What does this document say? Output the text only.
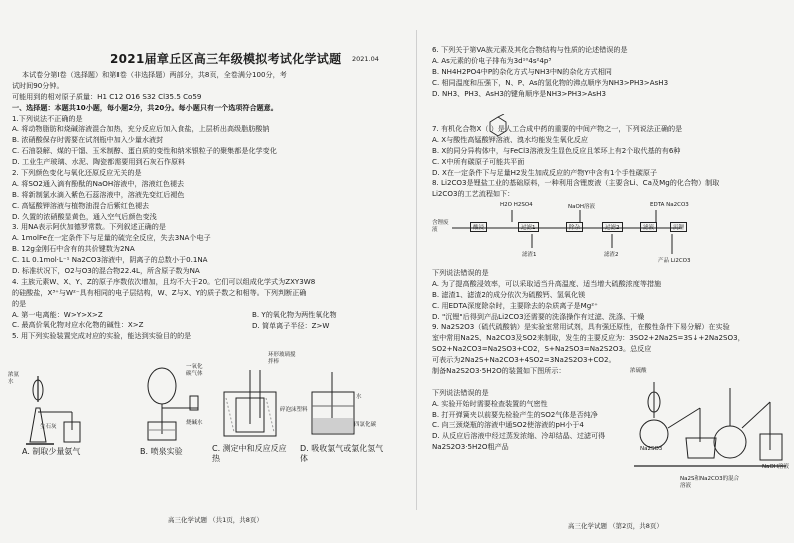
2021届章丘区高三年级模拟考试化学试题 2021.04
本试卷分第Ⅰ卷（选择题）和第Ⅱ卷（非选择题）两部分，共8页，全卷满分100分，考
试时间90分钟。
可能用到的相对原子质量：H1 C12 O16 S32 Cl35.5 Co59
一、选择题：本题共10小题，每小题2分，共20分。每小题只有一个选项符合题意。
1.下列说法不正确的是
A. 将动物脂肪和烧碱溶液混合加热，充分反应后加入食盐，上层析出高级脂肪酸钠
B. 浓硝酸保存时需要在试剂瓶中加入少量水液封
C. 石油裂解、煤的干馏、玉米制醇、蛋白质的变性和纳米银粒子的聚集都是化学变化
D. 工业生产玻璃、水泥、陶瓷都需要用到石灰石作原料
2. 下列颜色变化与氧化还原反应无关的是
A. 将SO2通入滴有酚酞的NaOH溶液中，溶液红色褪去
B. 将新制氯水滴入紫色石蕊溶液中，溶液先变红后褪色
C. 高锰酸钾溶液与植物油混合后紫红色褪去
D. 久置的浓硝酸显黄色，通入空气后颜色变浅
3. 用NA表示阿伏加德罗常数。下列叙述正确的是
A. 1molFe在一定条件下与足量的硫完全反应，失去3NA个电子
B. 12g金刚石中含有的共价键数为2NA
C. 1L 0.1mol·L⁻¹ Na2CO3溶液中，阴离子的总数小于0.1NA
D. 标准状况下，O2与O3的混合物22.4L，所含原子数为NA
4. 主族元素W、X、Y、Z的原子序数依次增加，且均不大于20。它们可以组成化学式为ZXY3W8
的硅酸盐，X³⁺与W²⁻具有相同的电子层结构，W、Z与X、Y的质子数之和相等。下列判断正确
的是
A. 第一电离能：W>Y>X>Z
C. 最高价氧化物对应水化物的碱性：X>Z
5. 用下列实验装置完成对应的实验，能达到实验目的的是
B. Y的氧化物为两性氧化物
D. 简单离子半径：Z>W
浓氨水
生石灰
A. 制取少量氨气
一氧化碳气体
烧碱水
B. 喷泉实验
环形玻璃搅拌棒
碎泡沫塑料
C. 测定中和反应反应热
水
四氯化碳
D. 吸收氯气或氯化氢气体
高三化学试题 （共1页，共8页）
6. 下列关于第VA族元素及其化合物结构与性质的论述错误的是
A. As元素的价电子排布为3d¹⁰4s²4p³
B. NH4H2PO4中P的杂化方式与NH3中N的杂化方式相同
C. 相同温度和压强下，N、P、As的氢化物的沸点顺序为NH3>PH3>AsH3
D. NH3、PH3、AsH3的键角顺序是NH3>PH3>AsH3
7. 有机化合物X（ ）是人工合成中药的重要的中间产物之一，下列说法正确的是
A. X与酸性高锰酸钾溶液、溴水均能发生氧化反应
B. X的同分异构体中，与FeCl3溶液发生显色反应且苯环上有2个取代基的有6种
C. X中所有碳原子可能共平面
D. X在一定条件下与足量H2发生加成反应的产物Y中含有1个手性碳原子
8. Li2CO3是锂盐工业的基础原料，一种利用含锂废液（主要含Li、Ca及Mg的化合物）制取
Li2CO3的工艺流程如下：
H2O H2SO4	NaOH溶液	EDTA Na2CO3
含锂废液	酸浸	过滤1	除杂	过滤2	滤液	沉锂
滤渣1	滤渣2
产品 Li2CO3
下列说法错误的是
A. 为了提高酸浸效率，可以采取适当升高温度、适当增大硫酸浓度等措施
B. 滤渣1、滤渣2的成分依次为硫酸钙、氢氧化镁
C. 用EDTA深度除杂时，主要除去的杂质离子是Mg²⁺
D. "沉锂"后得到产品Li2CO3还需要的洗涤操作有过滤、洗涤、干燥
9. Na2S2O3（硫代硫酸钠）是实验室常用试剂，具有强还原性，在酸性条件下易分解）在实验
室中常用Na2S、Na2CO3及SO2来制取，发生的主要反应为：3SO2+2Na2S=3S↓+2Na2SO3，
SO2+Na2CO3=Na2SO3+CO2，S+Na2SO3=Na2S2O3。总反应
可表示为2Na2S+Na2CO3+4SO2=3Na2S2O3+CO2。
制备Na2S2O3·5H2O的装置如下图所示：
下列说法错误的是
A. 实验开始时需要检查装置的气密性
B. 打开弹簧夹以前要先检验产生的SO2气体是否纯净
C. 向三颈烧瓶的溶液中通SO2使溶液的pH小于4
D. 从反应后溶液中经过蒸发浓缩、冷却结晶、过滤可得
Na2S2O3·5H2O粗产品
浓硫酸
Na2SO3
Na2S和Na2CO3的混合溶液
NaOH溶液
高三化学试题 （第2页，共8页）
